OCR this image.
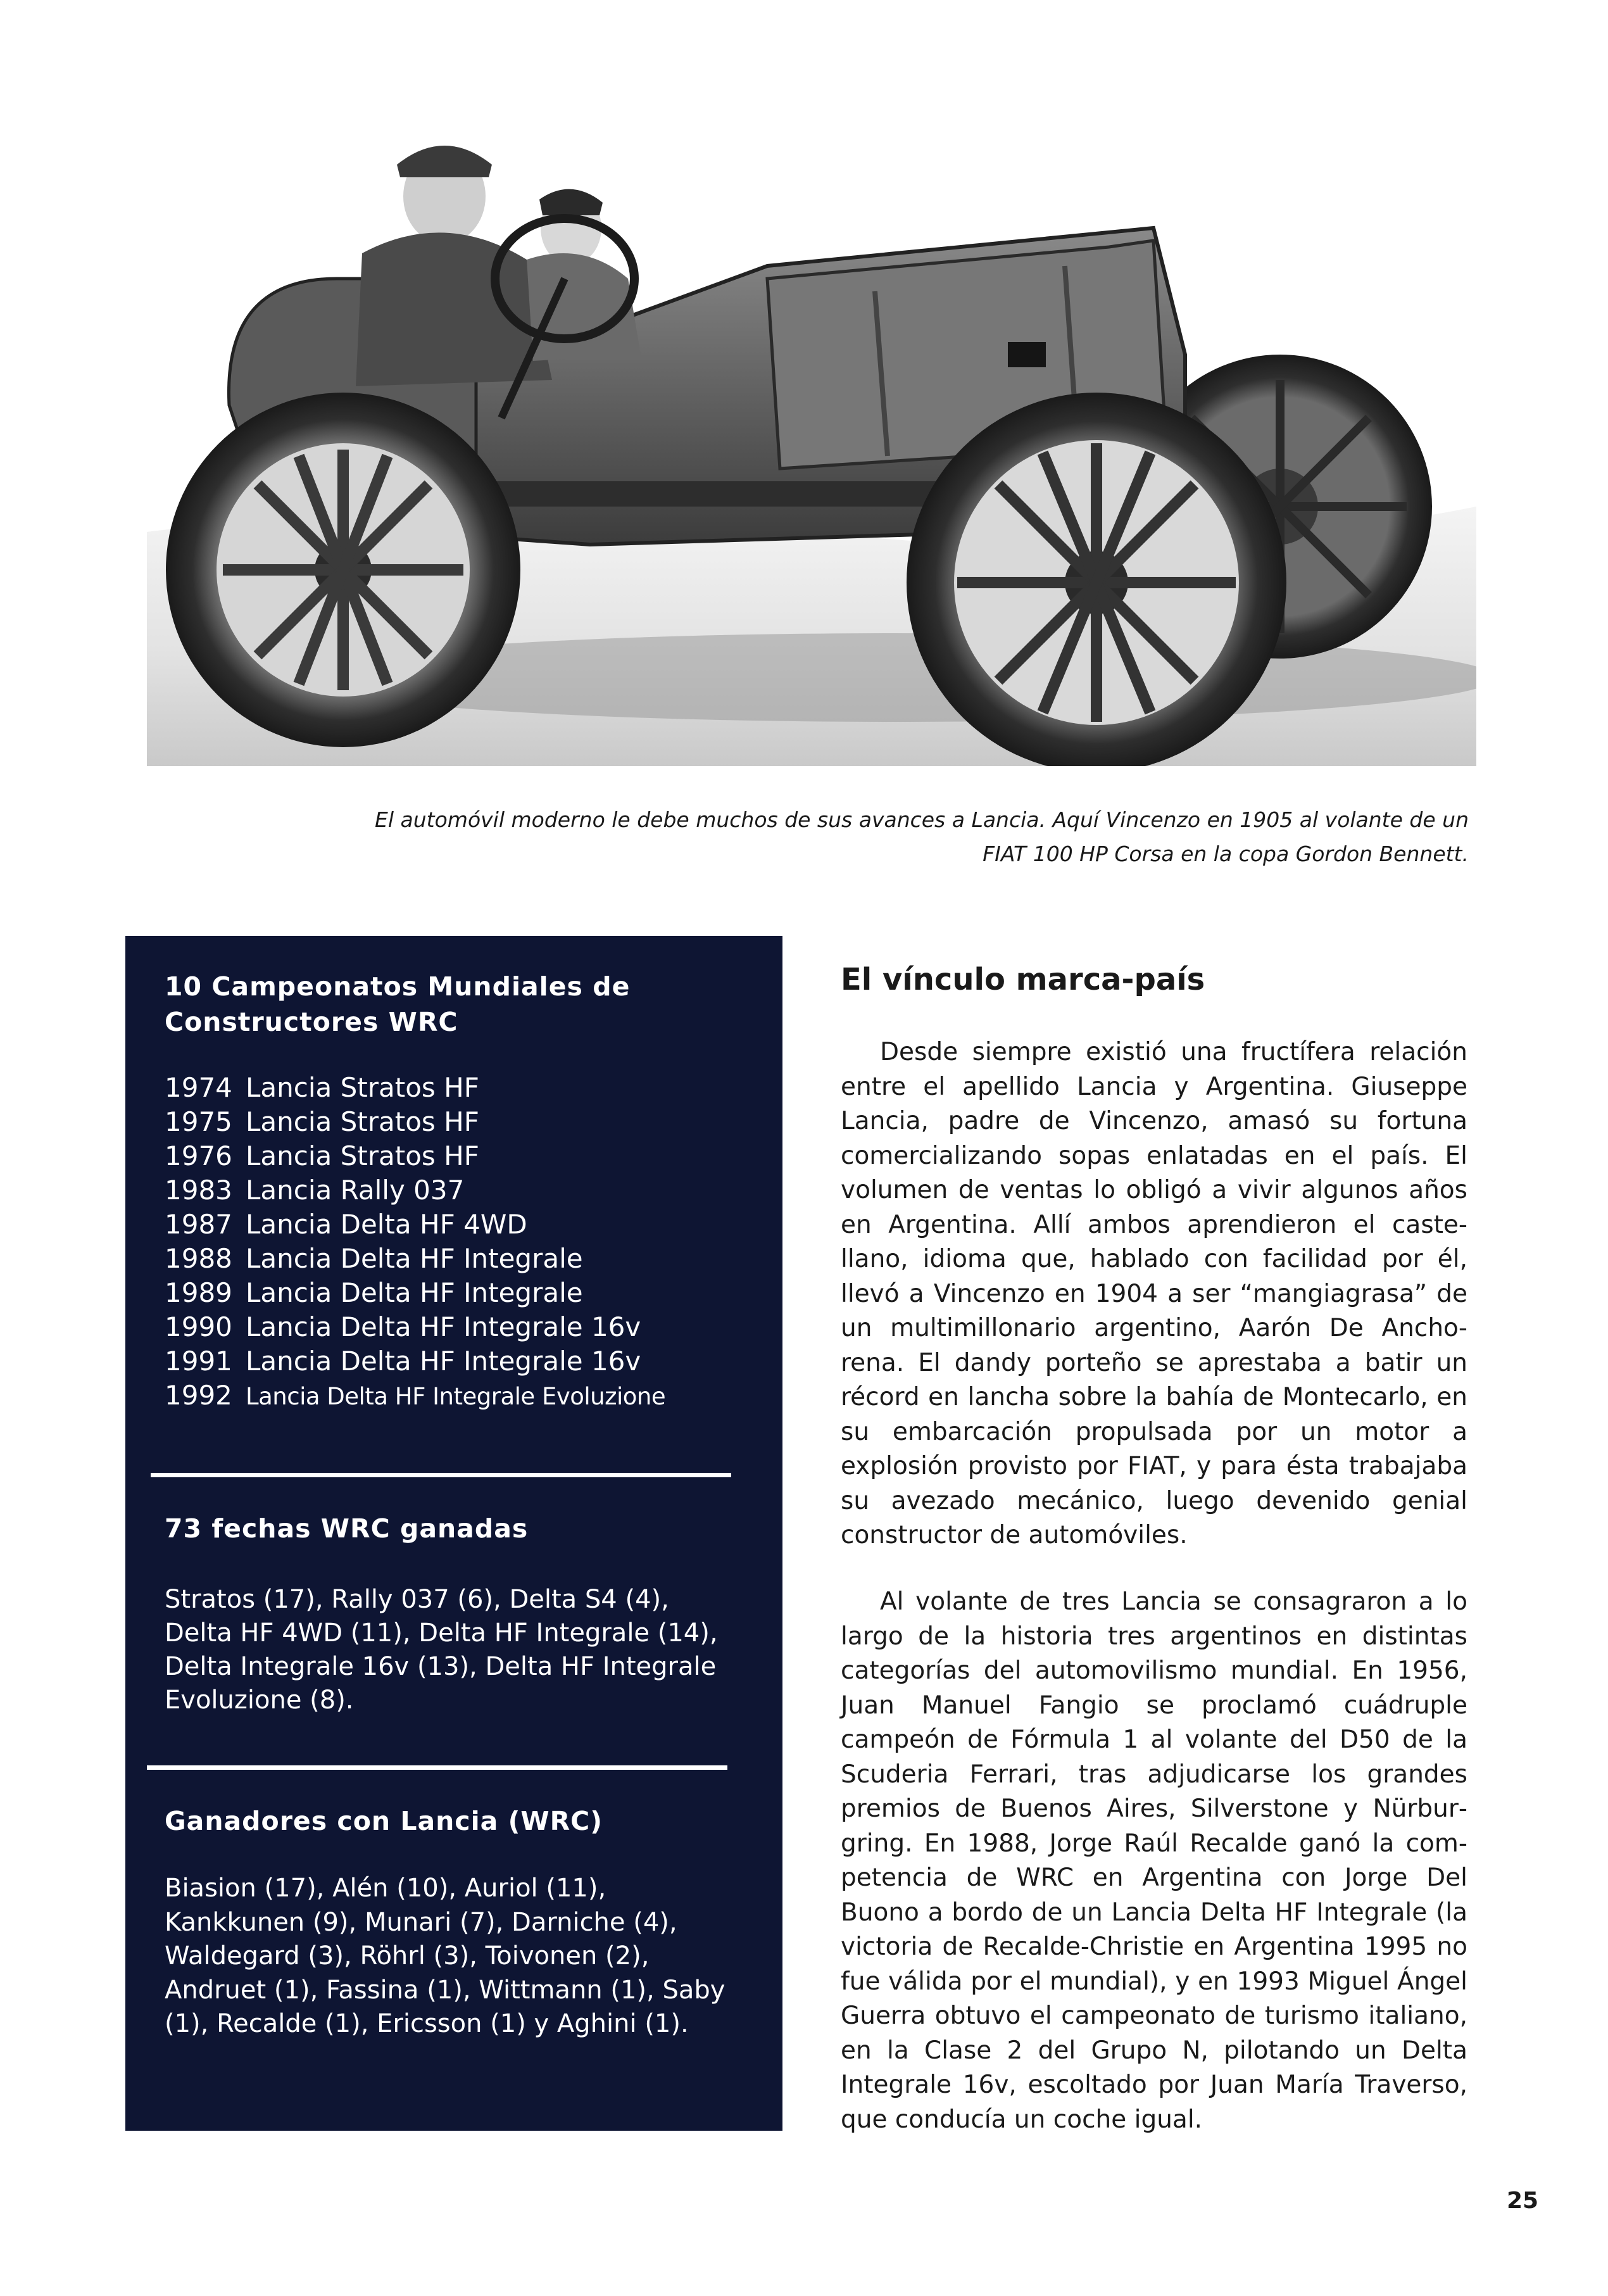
El automóvil moderno le debe muchos de sus avances a Lancia. Aquí Vincenzo en 1905 al volante de un
FIAT 100 HP Corsa en la copa Gordon Bennett.
10 Campeonatos Mundiales de
Constructores WRC
1974 Lancia Stratos HF
1975 Lancia Stratos HF
1976 Lancia Stratos HF
1983 Lancia Rally 037
1987 Lancia Delta HF 4WD
1988 Lancia Delta HF Integrale
1989 Lancia Delta HF Integrale
1990 Lancia Delta HF Integrale 16v
1991 Lancia Delta HF Integrale 16v
1992 Lancia Delta HF Integrale Evoluzione
73 fechas WRC ganadas

Stratos (17), Rally 037 (6), Delta S4 (4), Delta HF 4WD (11), Delta HF Integrale (14), Delta Integrale 16v (13), Delta HF Integrale Evoluzione (8).

Ganadores con Lancia (WRC)

Biasion (17), Alén (10), Auriol (11), Kankkunen (9), Munari (7), Darniche (4), Waldegard (3), Röhrl (3), Toivonen (2), Andruet (1), Fassina (1), Wittmann (1), Saby (1), Recalde (1), Ericsson (1) y Aghini (1).

El vínculo marca-país

Desde siempre existió una fructífera relación entre el apellido Lancia y Argentina. Giuseppe Lancia, padre de Vincenzo, amasó su fortuna comercializando sopas enlatadas en el país. El volumen de ventas lo obligó a vivir algunos años en Argentina. Allí ambos aprendieron el castellano, idioma que, hablado con facilidad por él, llevó a Vincenzo en 1904 a ser “mangiagrasa” de un multimillonario argentino, Aarón De Anchorena. El dandy porteño se aprestaba a batir un récord en lancha sobre la bahía de Montecarlo, en su embarcación propulsada por un motor a explosión provisto por FIAT, y para ésta trabajaba su avezado mecánico, luego devenido genial constructor de automóviles.

Al volante de tres Lancia se consagraron a lo largo de la historia tres argentinos en distintas categorías del automovilismo mundial. En 1956, Juan Manuel Fangio se proclamó cuádruple campeón de Fórmula 1 al volante del D50 de la Scuderia Ferrari, tras adjudicarse los grandes premios de Buenos Aires, Silverstone y Nürburgring. En 1988, Jorge Raúl Recalde ganó la competencia de WRC en Argentina con Jorge Del Buono a bordo de un Lancia Delta HF Integrale (la victoria de Recalde-Christie en Argentina 1995 no fue válida por el mundial), y en 1993 Miguel Ángel Guerra obtuvo el campeonato de turismo italiano, en la Clase 2 del Grupo N, pilotando un Delta Integrale 16v, escoltado por Juan María Traverso, que conducía un coche igual.

25
